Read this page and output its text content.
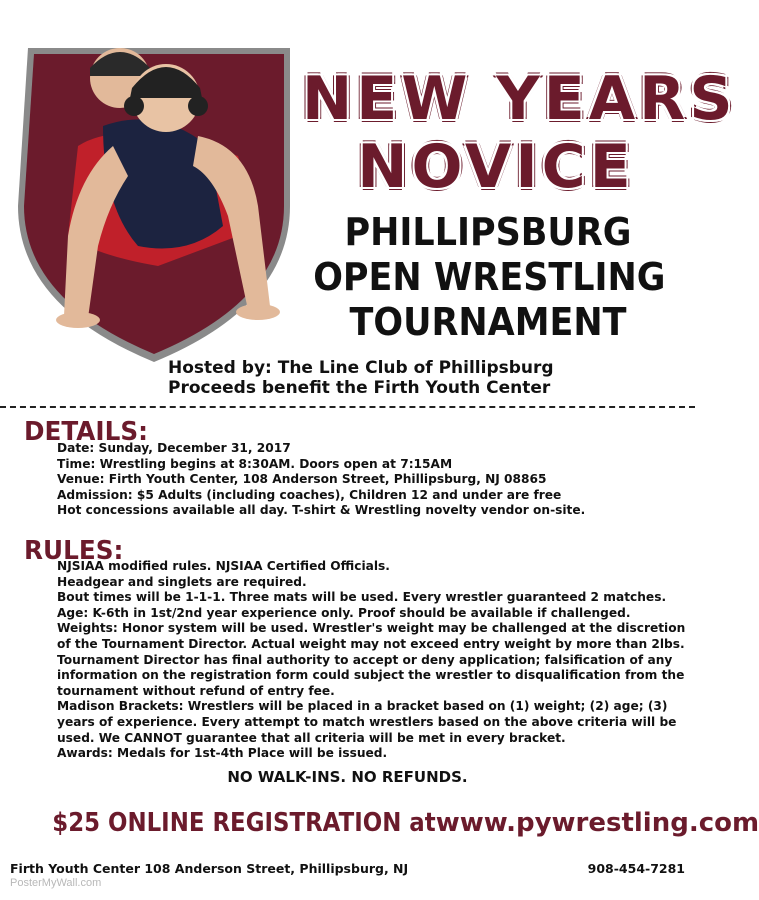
NEW YEARS
NOVICE
PHILLIPSBURG
OPEN WRESTLING
TOURNAMENT
Hosted by: The Line Club of Phillipsburg
Proceeds benefit the Firth Youth Center
DETAILS:
Date: Sunday, December 31, 2017
Time: Wrestling begins at 8:30AM. Doors open at 7:15AM
Venue: Firth Youth Center, 108 Anderson Street, Phillipsburg, NJ 08865
Admission: $5 Adults (including coaches), Children 12 and under are free
Hot concessions available all day. T-shirt & Wrestling novelty vendor on-site.
RULES:
NJSIAA modified rules. NJSIAA Certified Officials.
Headgear and singlets are required.
Bout times will be 1-1-1. Three mats will be used. Every wrestler guaranteed 2 matches.
Age: K-6th in 1st/2nd year experience only. Proof should be available if challenged.
Weights: Honor system will be used. Wrestler's weight may be challenged at the discretion
of the Tournament Director. Actual weight may not exceed entry weight by more than 2lbs.
Tournament Director has final authority to accept or deny application; falsification of any
information on the registration form could subject the wrestler to disqualification from the
tournament without refund of entry fee.
Madison Brackets: Wrestlers will be placed in a bracket based on (1) weight; (2) age; (3)
years of experience. Every attempt to match wrestlers based on the above criteria will be
used. We CANNOT guarantee that all criteria will be met in every bracket.
Awards: Medals for 1st-4th Place will be issued.
NO WALK-INS. NO REFUNDS.
$25 ONLINE REGISTRATION atwww.pywrestling.com
Firth Youth Center 108 Anderson Street, Phillipsburg, NJ	908-454-7281
PosterMyWall.com
